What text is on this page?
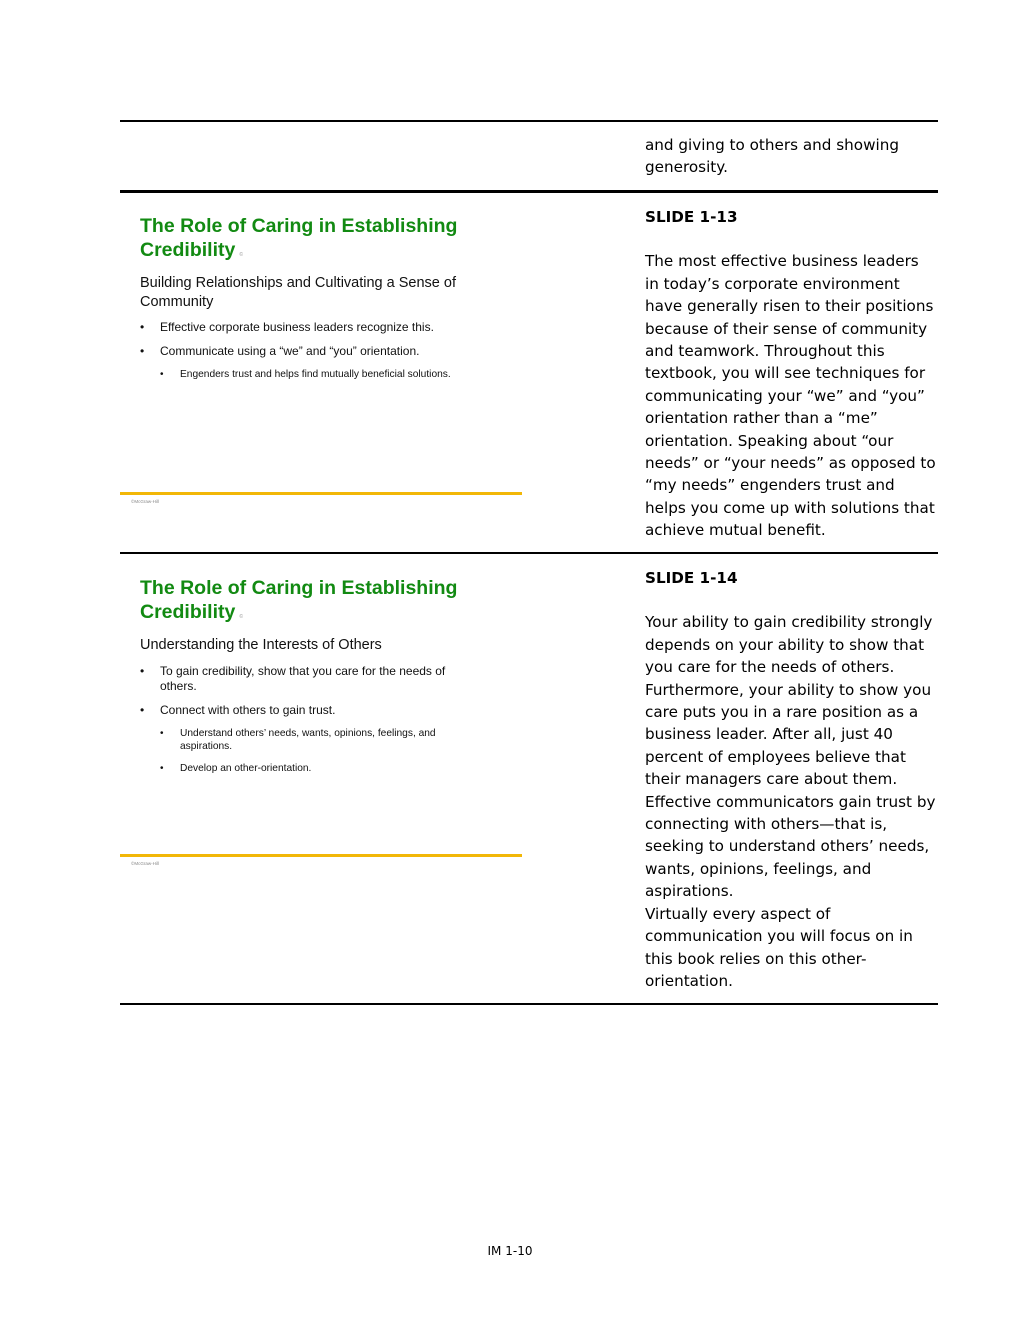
and giving to others and showing generosity.

The Role of Caring in Establishing Credibility ©
Building Relationships and Cultivating a Sense of Community
• Effective corporate business leaders recognize this.
• Communicate using a “we” and “you” orientation.
• Engenders trust and helps find mutually beneficial solutions.
©McGraw-Hill
SLIDE 1-13

The most effective business leaders in today’s corporate environment have generally risen to their positions because of their sense of community and teamwork. Throughout this textbook, you will see techniques for communicating your “we” and “you” orientation rather than a “me” orientation. Speaking about “our needs” or “your needs” as opposed to “my needs” engenders trust and helps you come up with solutions that achieve mutual benefit.

The Role of Caring in Establishing Credibility ©
Understanding the Interests of Others
• To gain credibility, show that you care for the needs of others.
• Connect with others to gain trust.
• Understand others’ needs, wants, opinions, feelings, and aspirations.
• Develop an other-orientation.
©McGraw-Hill
SLIDE 1-14

Your ability to gain credibility strongly depends on your ability to show that you care for the needs of others. Furthermore, your ability to show you care puts you in a rare position as a business leader. After all, just 40 percent of employees believe that their managers care about them. Effective communicators gain trust by connecting with others—that is, seeking to understand others’ needs, wants, opinions, feelings, and aspirations.

Virtually every aspect of communication you will focus on in this book relies on this other-orientation.

IM 1-10
